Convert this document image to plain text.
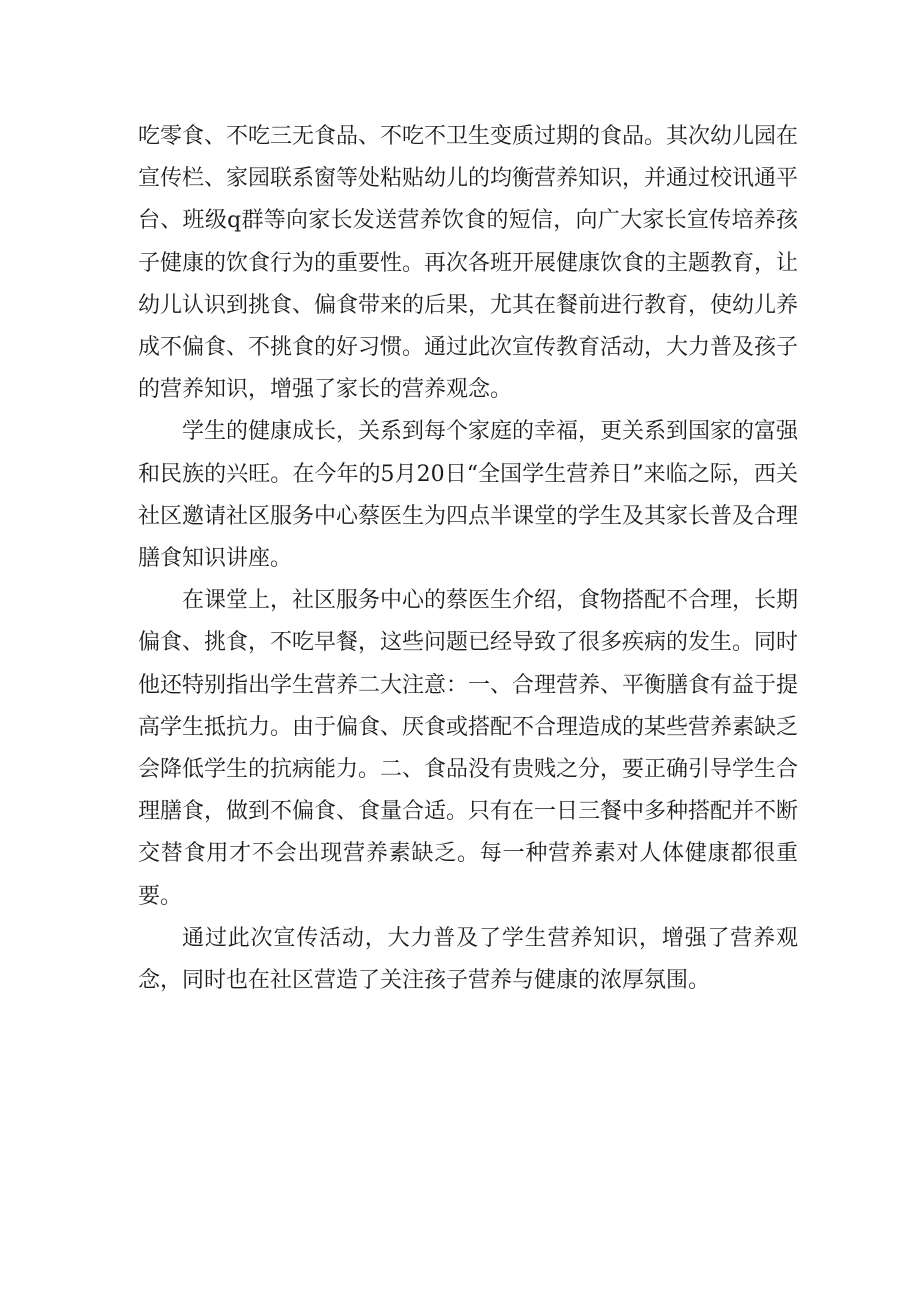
吃零食、不吃三无食品、不吃不卫生变质过期的食品。其次幼儿园在宣传栏、家园联系窗等处粘贴幼儿的均衡营养知识，并通过校讯通平台、班级q群等向家长发送营养饮食的短信，向广大家长宣传培养孩子健康的饮食行为的重要性。再次各班开展健康饮食的主题教育，让幼儿认识到挑食、偏食带来的后果，尤其在餐前进行教育，使幼儿养成不偏食、不挑食的好习惯。通过此次宣传教育活动，大力普及孩子的营养知识，增强了家长的营养观念。

学生的健康成长，关系到每个家庭的幸福，更关系到国家的富强和民族的兴旺。在今年的5月20日“全国学生营养日”来临之际，西关社区邀请社区服务中心蔡医生为四点半课堂的学生及其家长普及合理膳食知识讲座。

在课堂上，社区服务中心的蔡医生介绍，食物搭配不合理，长期偏食、挑食，不吃早餐，这些问题已经导致了很多疾病的发生。同时他还特别指出学生营养二大注意：一、合理营养、平衡膳食有益于提高学生抵抗力。由于偏食、厌食或搭配不合理造成的某些营养素缺乏会降低学生的抗病能力。二、食品没有贵贱之分，要正确引导学生合理膳食，做到不偏食、食量合适。只有在一日三餐中多种搭配并不断交替食用才不会出现营养素缺乏。每一种营养素对人体健康都很重要。

通过此次宣传活动，大力普及了学生营养知识，增强了营养观念，同时也在社区营造了关注孩子营养与健康的浓厚氛围。
